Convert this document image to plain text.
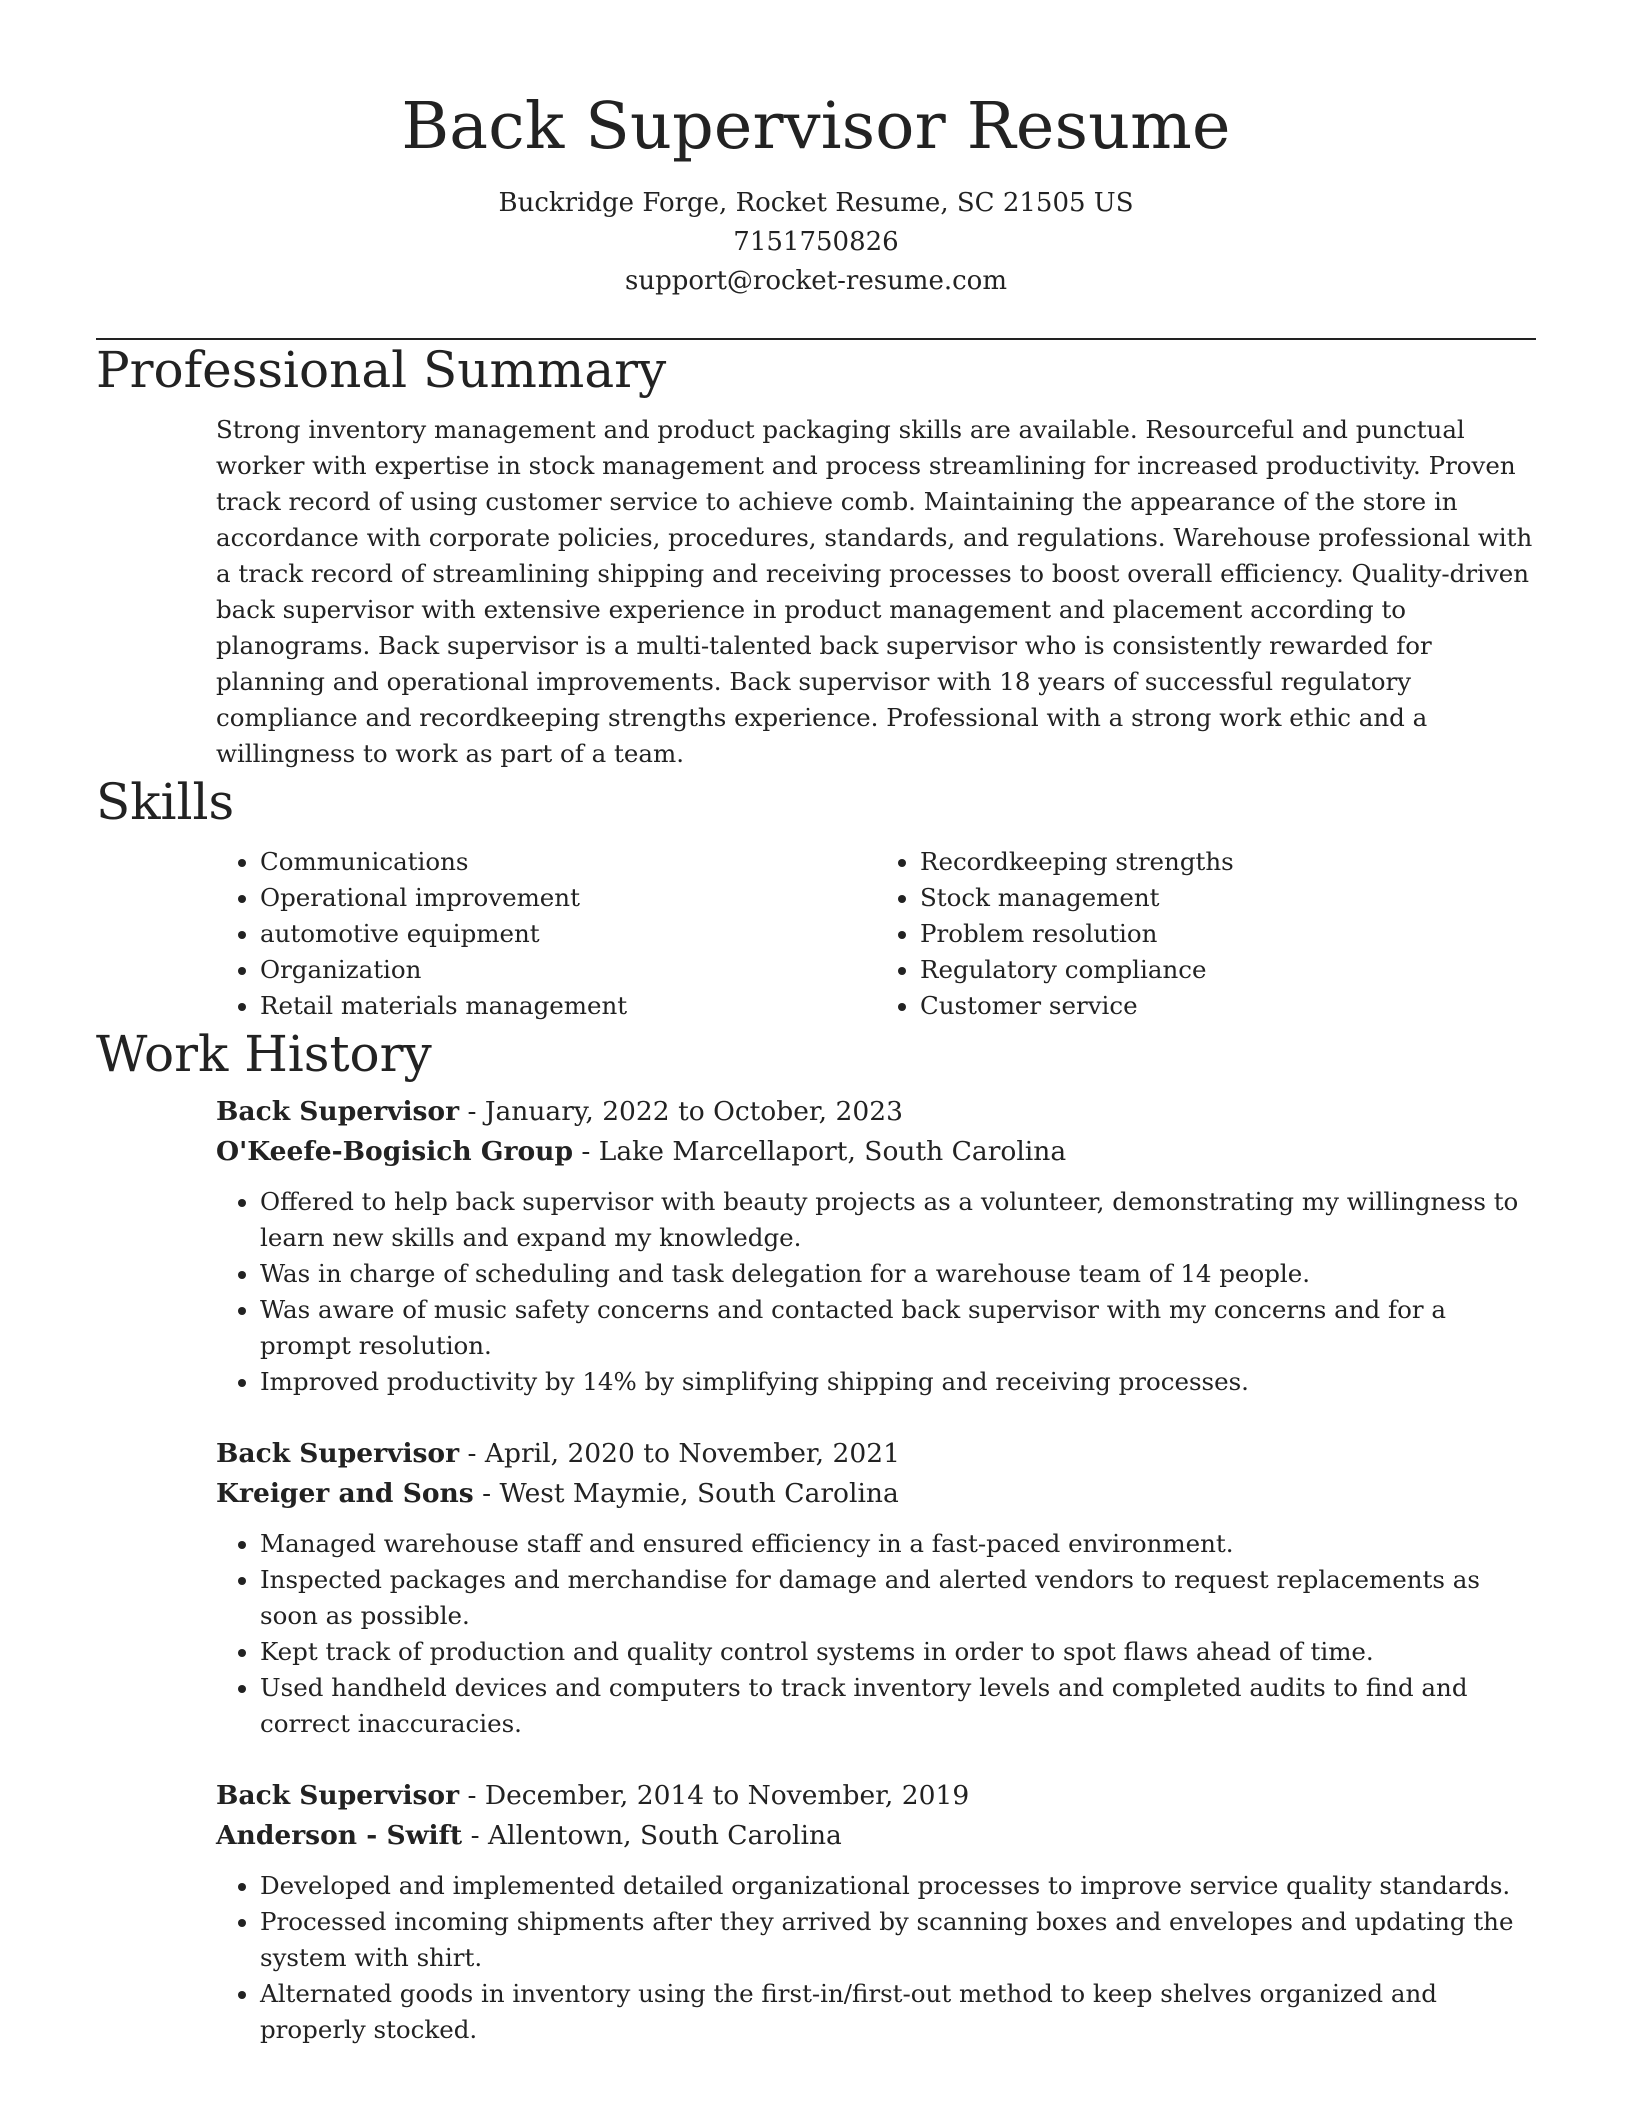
Back Supervisor Resume
Buckridge Forge, Rocket Resume, SC 21505 US
7151750826
support@rocket-resume.com
Professional Summary

Strong inventory management and product packaging skills are available. Resourceful and punctual worker with expertise in stock management and process streamlining for increased productivity. Proven track record of using customer service to achieve comb. Maintaining the appearance of the store in accordance with corporate policies, procedures, standards, and regulations. Warehouse professional with a track record of streamlining shipping and receiving processes to boost overall efficiency. Quality-driven back supervisor with extensive experience in product management and placement according to planograms. Back supervisor is a multi-talented back supervisor who is consistently rewarded for planning and operational improvements. Back supervisor with 18 years of successful regulatory compliance and recordkeeping strengths experience. Professional with a strong work ethic and a willingness to work as part of a team.

Skills
• Communications
• Operational improvement
• automotive equipment
• Organization
• Retail materials management
• Recordkeeping strengths
• Stock management
• Problem resolution
• Regulatory compliance
• Customer service
Work History
Back Supervisor - January, 2022 to October, 2023
O'Keefe-Bogisich Group - Lake Marcellaport, South Carolina
• Offered to help back supervisor with beauty projects as a volunteer, demonstrating my willingness to learn new skills and expand my knowledge.
• Was in charge of scheduling and task delegation for a warehouse team of 14 people.
• Was aware of music safety concerns and contacted back supervisor with my concerns and for a prompt resolution.
• Improved productivity by 14% by simplifying shipping and receiving processes.
Back Supervisor - April, 2020 to November, 2021
Kreiger and Sons - West Maymie, South Carolina
• Managed warehouse staff and ensured efficiency in a fast-paced environment.
• Inspected packages and merchandise for damage and alerted vendors to request replacements as soon as possible.
• Kept track of production and quality control systems in order to spot flaws ahead of time.
• Used handheld devices and computers to track inventory levels and completed audits to find and correct inaccuracies.
Back Supervisor - December, 2014 to November, 2019
Anderson - Swift - Allentown, South Carolina
• Developed and implemented detailed organizational processes to improve service quality standards.
• Processed incoming shipments after they arrived by scanning boxes and envelopes and updating the system with shirt.
• Alternated goods in inventory using the first-in/first-out method to keep shelves organized and properly stocked.
